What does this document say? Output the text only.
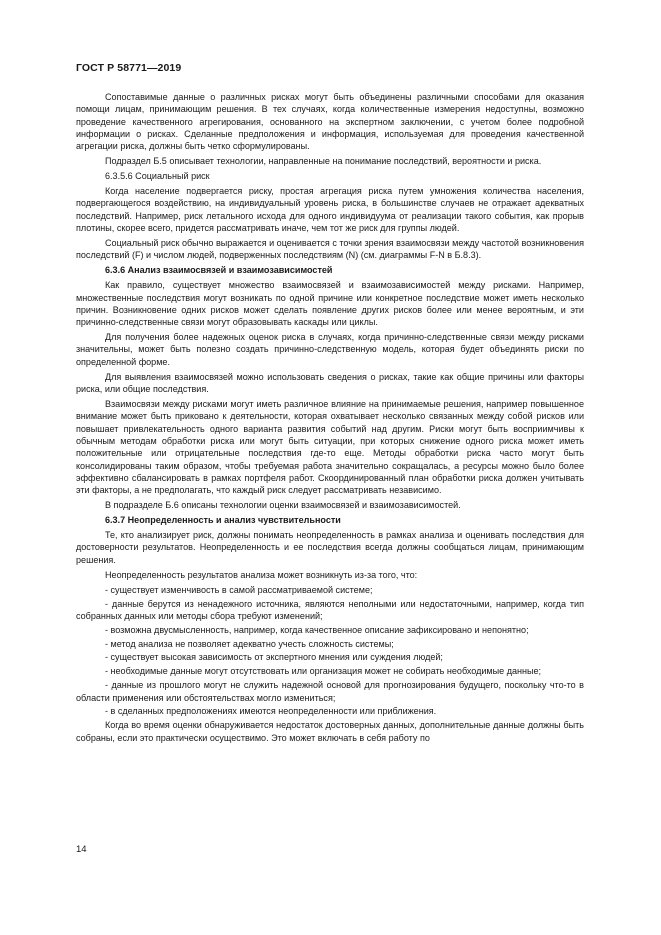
ГОСТ Р 58771—2019

Сопоставимые данные о различных рисках могут быть объединены различными способами для оказания помощи лицам, принимающим решения. В тех случаях, когда количественные измерения недоступны, возможно проведение качественного агрегирования, основанного на экспертном заключении, с учетом более подробной информации о рисках. Сделанные предположения и информация, используемая для проведения качественной агрегации риска, должны быть четко сформулированы.

Подраздел Б.5 описывает технологии, направленные на понимание последствий, вероятности и риска.

6.3.5.6 Социальный риск

Когда население подвергается риску, простая агрегация риска путем умножения количества населения, подвергающегося воздействию, на индивидуальный уровень риска, в большинстве случаев не отражает адекватных последствий. Например, риск летального исхода для одного индивидуума от реализации такого события, как прорыв плотины, скорее всего, придется рассматривать иначе, чем тот же риск для группы людей.

Социальный риск обычно выражается и оценивается с точки зрения взаимосвязи между частотой возникновения последствий (F) и числом людей, подверженных последствиям (N) (см. диаграммы F-N в Б.8.3).

6.3.6 Анализ взаимосвязей и взаимозависимостей

Как правило, существует множество взаимосвязей и взаимозависимостей между рисками. Например, множественные последствия могут возникать по одной причине или конкретное последствие может иметь несколько причин. Возникновение одних рисков может сделать появление других рисков более или менее вероятным, и эти причинно-следственные связи могут образовывать каскады или циклы.

Для получения более надежных оценок риска в случаях, когда причинно-следственные связи между рисками значительны, может быть полезно создать причинно-следственную модель, которая будет объединять риски по определенной форме.

Для выявления взаимосвязей можно использовать сведения о рисках, такие как общие причины или факторы риска, или общие последствия.

Взаимосвязи между рисками могут иметь различное влияние на принимаемые решения, например повышенное внимание может быть приковано к деятельности, которая охватывает несколько связанных между собой рисков или повышает привлекательность одного варианта развития событий над другим. Риски могут быть восприимчивы к обычным методам обработки риска или могут быть ситуации, при которых снижение одного риска может иметь положительные или отрицательные последствия где-то еще. Методы обработки риска часто могут быть консолидированы таким образом, чтобы требуемая работа значительно сокращалась, а ресурсы можно было более эффективно сбалансировать в рамках портфеля работ. Скоординированный план обработки риска должен учитывать эти факторы, а не предполагать, что каждый риск следует рассматривать независимо.

В подразделе Б.6 описаны технологии оценки взаимосвязей и взаимозависимостей.

6.3.7 Неопределенность и анализ чувствительности

Те, кто анализирует риск, должны понимать неопределенность в рамках анализа и оценивать последствия для достоверности результатов. Неопределенность и ее последствия всегда должны сообщаться лицам, принимающим решения.

Неопределенность результатов анализа может возникнуть из-за того, что:

- существует изменчивость в самой рассматриваемой системе;

- данные берутся из ненадежного источника, являются неполными или недостаточными, например, когда тип собранных данных или методы сбора требуют изменений;

- возможна двусмысленность, например, когда качественное описание зафиксировано и непонятно;

- метод анализа не позволяет адекватно учесть сложность системы;

- существует высокая зависимость от экспертного мнения или суждения людей;

- необходимые данные могут отсутствовать или организация может не собирать необходимые данные;

- данные из прошлого могут не служить надежной основой для прогнозирования будущего, поскольку что-то в области применения или обстоятельствах могло измениться;

- в сделанных предположениях имеются неопределенности или приближения.

Когда во время оценки обнаруживается недостаток достоверных данных, дополнительные данные должны быть собраны, если это практически осуществимо. Это может включать в себя работу по

14
